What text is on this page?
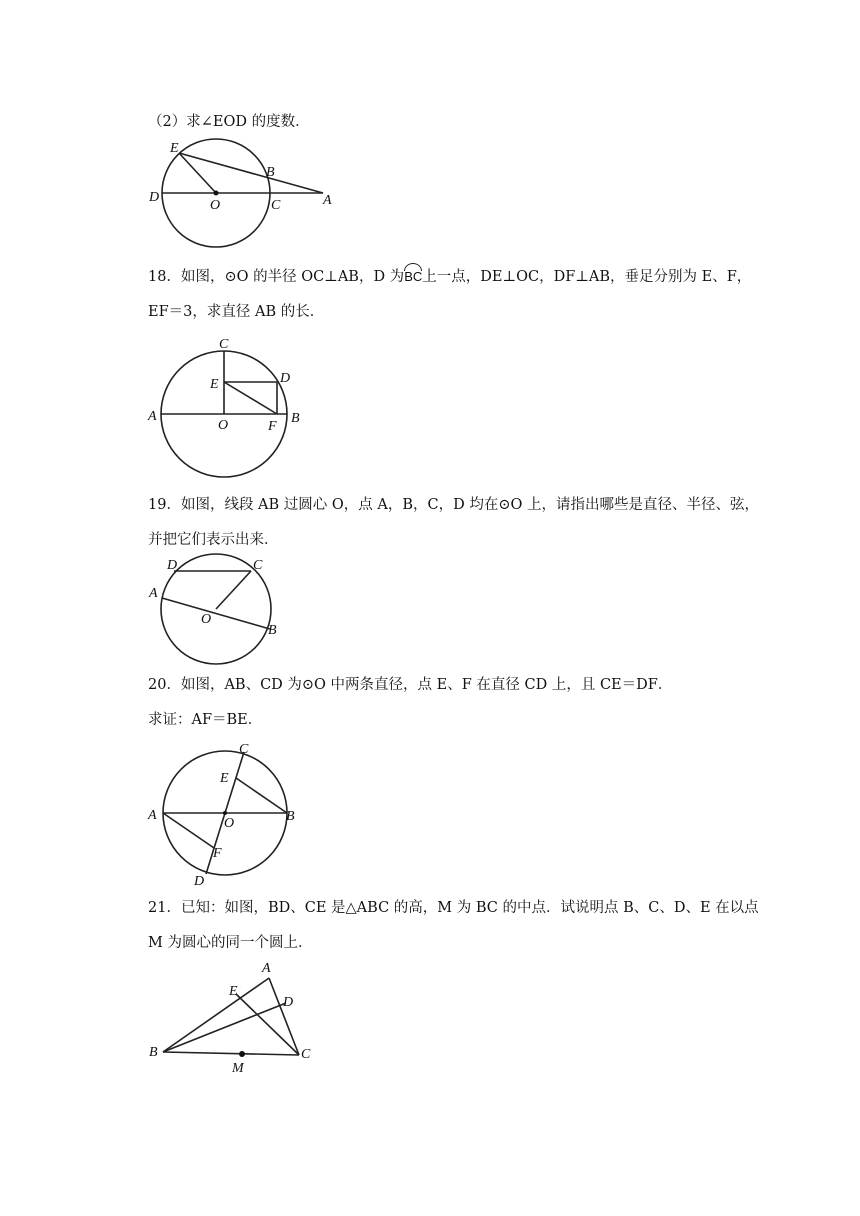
（2）求∠EOD 的度数．
E
B
D
O	C	A
18．如图，⊙O 的半径 OC⊥AB，D 为BC上一点，DE⊥OC，DF⊥AB，垂足分别为 E、F，
EF＝3，求直径 AB 的长．
C
E	D
A
O	F
B
19．如图，线段 AB 过圆心 O，点 A，B，C，D 均在⊙O 上，请指出哪些是直径、半径、弦，
并把它们表示出来．
D	C
A
O
B
20．如图，AB、CD 为⊙O 中两条直径，点 E、F 在直径 CD 上，且 CE＝DF．
求证：AF＝BE．
C
E
A
O	B
F
D
21．已知：如图，BD、CE 是△ABC 的高，M 为 BC 的中点．试说明点 B、C、D、E 在以点
M 为圆心的同一个圆上．
A
E
D
B	C
M
